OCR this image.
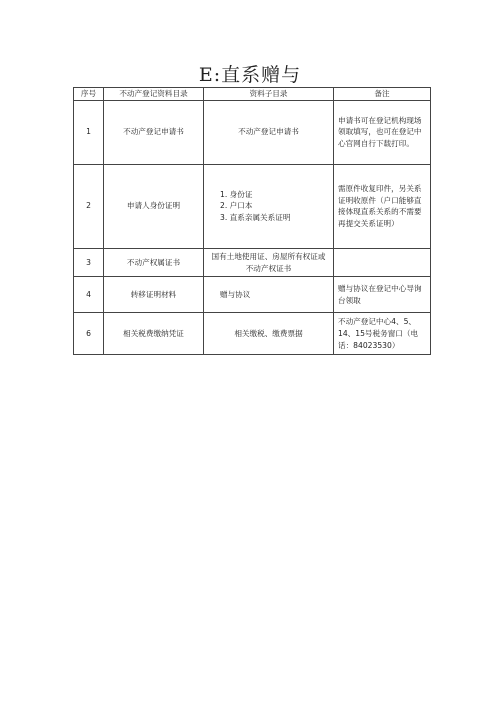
E:直系赠与
序号	不动产登记资料目录	资料子目录	备注
1	不动产登记申请书	不动产登记申请书	申请书可在登记机构现场领取填写，也可在登记中心官网自行下载打印。
2	申请人身份证明	1. 身份证
2. 户口本
3. 直系亲属关系证明	需原件收复印件，另关系证明收原件（户口能够直接体现直系关系的不需要再提交关系证明）
3	不动产权属证书	国有土地使用证、房屋所有权证或不动产权证书	

4	转移证明材料	赠与协议	赠与协议在登记中心导询台领取
6	相关税费缴纳凭证	相关缴税、缴费票据	不动产登记中心4、5、14、15号税务窗口（电话：84023530）
